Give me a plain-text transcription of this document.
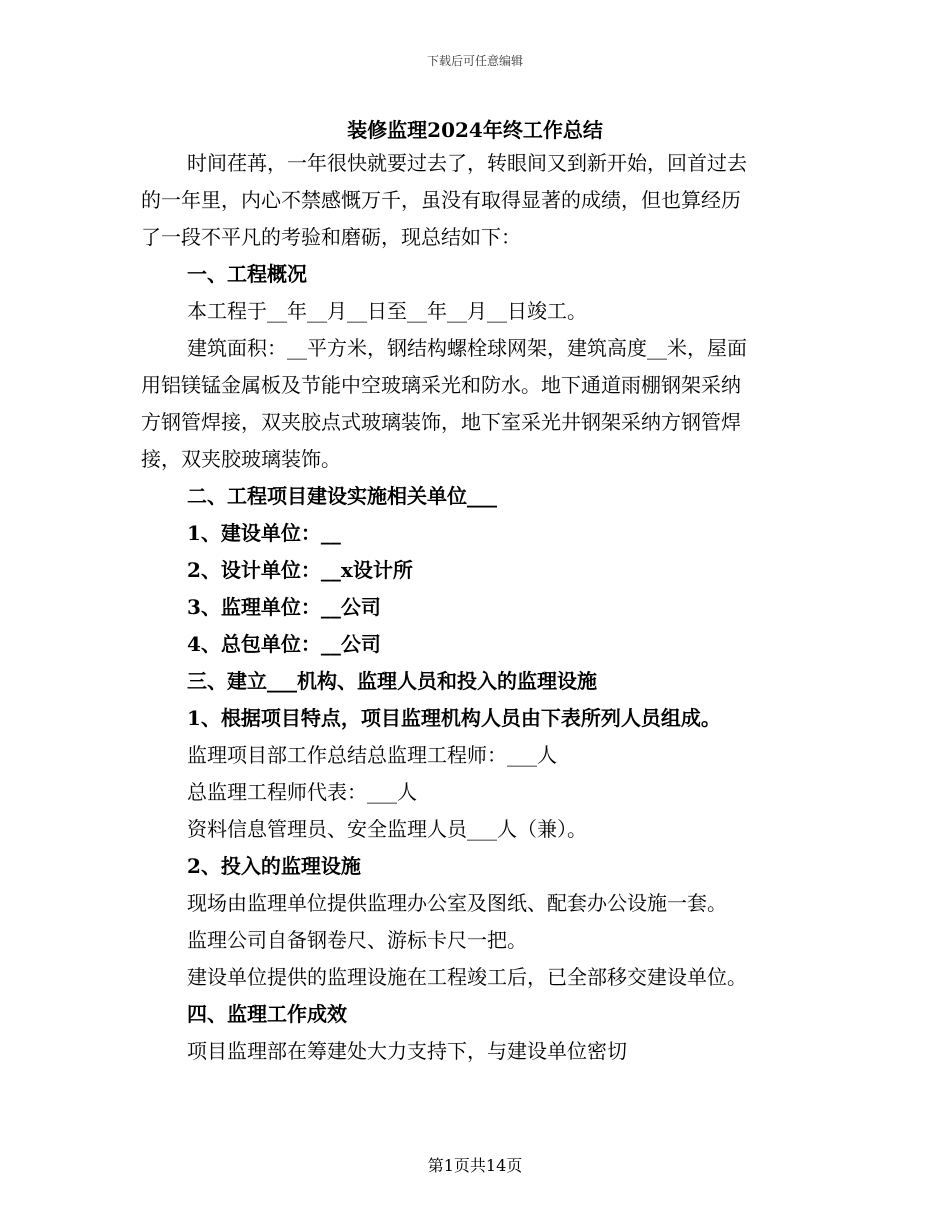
下载后可任意编辑
装修监理2024年终工作总结

时间荏苒，一年很快就要过去了，转眼间又到新开始，回首过去

的一年里，内心不禁感慨万千，虽没有取得显著的成绩，但也算经历

了一段不平凡的考验和磨砺，现总结如下：

一、工程概况

本工程于__年__月__日至__年__月__日竣工。

建筑面积：__平方米，钢结构螺栓球网架，建筑高度__米，屋面

用铝镁锰金属板及节能中空玻璃采光和防水。地下通道雨棚钢架采纳

方钢管焊接，双夹胶点式玻璃装饰，地下室采光井钢架采纳方钢管焊

接，双夹胶玻璃装饰。

二、工程项目建设实施相关单位___

1、建设单位：__

2、设计单位：__x设计所

3、监理单位：__公司

4、总包单位：__公司

三、建立___机构、监理人员和投入的监理设施

1、根据项目特点，项目监理机构人员由下表所列人员组成。

监理项目部工作总结总监理工程师：___人

总监理工程师代表：___人

资料信息管理员、安全监理人员___人（兼）。

2、投入的监理设施

现场由监理单位提供监理办公室及图纸、配套办公设施一套。

监理公司自备钢卷尺、游标卡尺一把。

建设单位提供的监理设施在工程竣工后，已全部移交建设单位。

四、监理工作成效

项目监理部在筹建处大力支持下，与建设单位密切

第1页共14页
